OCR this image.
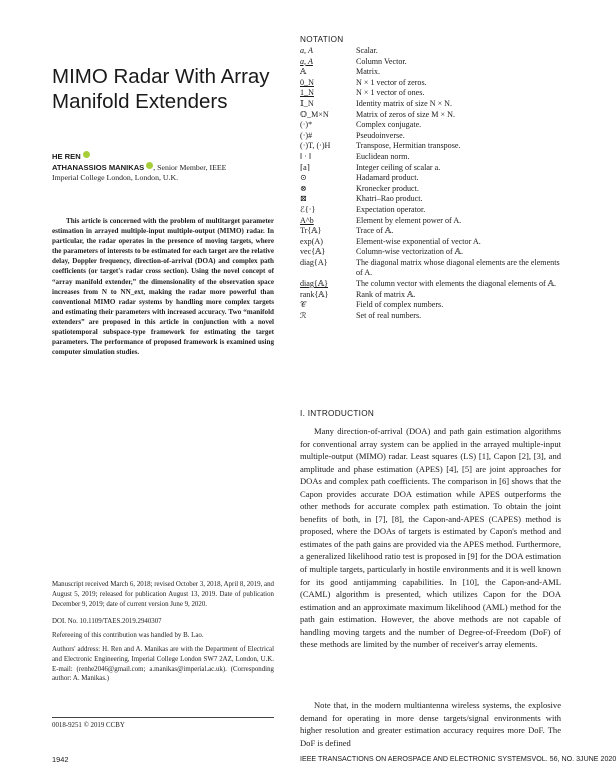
MIMO Radar With Array Manifold Extenders
HE REN
ATHANASSIOS MANIKAS , Senior Member, IEEE
Imperial College London, London, U.K.
This article is concerned with the problem of multitarget parameter estimation in arrayed multiple-input multiple-output (MIMO) radar. In particular, the radar operates in the presence of moving targets, where the parameters of interests to be estimated for each target are the relative delay, Doppler frequency, direction-of-arrival (DOA) and complex path coefficients (or target's radar cross section). Using the novel concept of “array manifold extender,” the dimensionality of the observation space increases from N to NN_ext, making the radar more powerful than conventional MIMO radar systems by handling more complex targets and estimating their parameters with increased accuracy. Two “manifold extenders” are proposed in this article in conjunction with a novel spatiotemporal subspace-type framework for estimating the target parameters. The performance of proposed framework is examined using computer simulation studies.
Manuscript received March 6, 2018; revised October 3, 2018, April 8, 2019, and August 5, 2019; released for publication August 13, 2019. Date of publication December 9, 2019; date of current version June 9, 2020.
DOI. No. 10.1109/TAES.2019.2940307
Refereeing of this contribution was handled by B. Lao.
Authors' address: H. Ren and A. Manikas are with the Department of Electrical and Electronic Engineering, Imperial College London SW7 2AZ, London, U.K. E-mail: (renhe2046@gmail.com; a.manikas@imperial.ac.uk). (Corresponding author: A. Manikas.)
0018-9251 © 2019 CCBY
NOTATION
a, A	Scalar.
a, A	Column Vector.
𝔸	Matrix.
0_N	N × 1 vector of zeros.
1_N	N × 1 vector of ones.
𝕀_N	Identity matrix of size N × N.
𝕆_M×N	Matrix of zeros of size M × N.
(·)*	Complex conjugate.
(·)#	Pseudoinverse.
(·)T, (·)H	Transpose, Hermitian transpose.
‖ · ‖	Euclidean norm.
⌈a⌉	Integer ceiling of scalar a.
⊙	Hadamard product.
⊗	Kronecker product.
⊠	Khatri–Rao product.
ℰ{·}	Expectation operator.
A^b	Element by element power of A.
Tr{𝔸}	Trace of 𝔸.
exp(A)	Element-wise exponential of vector A.
vec{𝔸}	Column-wise vectorization of 𝔸.
diag{A}	The diagonal matrix whose diagonal elements are the elements of A.
diag{𝔸}	The column vector with elements the diagonal elements of 𝔸.
rank{𝔸}	Rank of matrix 𝔸.
𝒞	Field of complex numbers.
ℛ	Set of real numbers.
I. INTRODUCTION
Many direction-of-arrival (DOA) and path gain estimation algorithms for conventional array system can be applied in the arrayed multiple-input multiple-output (MIMO) radar. Least squares (LS) [1], Capon [2], [3], and amplitude and phase estimation (APES) [4], [5] are joint approaches for DOAs and complex path coefficients. The comparison in [6] shows that the Capon provides accurate DOA estimation while APES outperforms the other methods for accurate complex path estimation. To obtain the joint benefits of both, in [7], [8], the Capon-and-APES (CAPES) method is proposed, where the DOAs of targets is estimated by Capon's method and estimates of the path gains are provided via the APES method. Furthermore, a generalized likelihood ratio test is proposed in [9] for the DOA estimation of multiple targets, particularly in hostile environments and it is well known for its good antijamming capabilities. In [10], the Capon-and-AML (CAML) algorithm is presented, which utilizes Capon for the DOA estimation and an approximate maximum likelihood (AML) method for the path gain estimation. However, the above methods are not capable of handling moving targets and the number of Degree-of-Freedom (DoF) of these methods are limited by the number of receiver's array elements.
Note that, in the modern multiantenna wireless systems, the explosive demand for operating in more dense targets/signal environments with higher resolution and greater estimation accuracy requires more DoF. The DoF is defined
1942	IEEE TRANSACTIONS ON AEROSPACE AND ELECTRONIC SYSTEMS VOL. 56, NO. 3 JUNE 2020
